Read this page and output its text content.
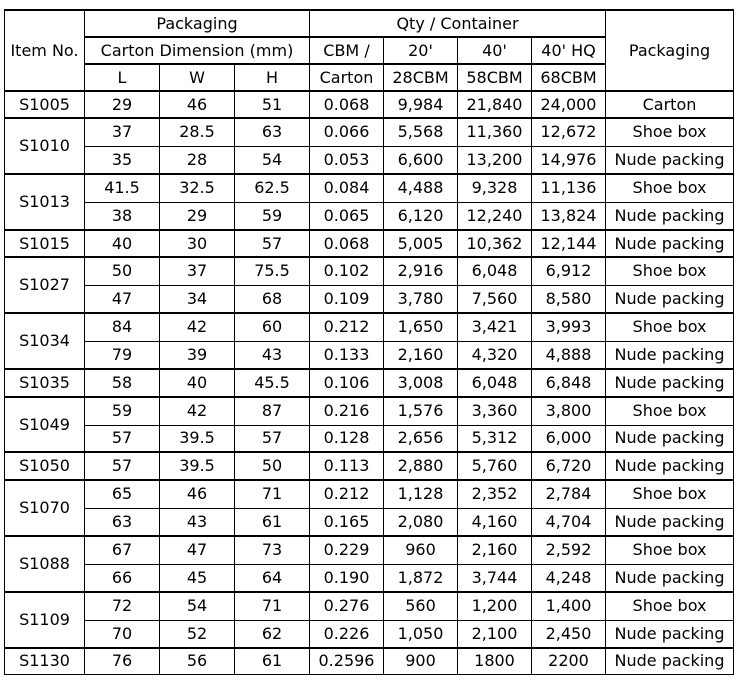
Item No.	Packaging			Qty / Container				Packaging
	Carton Dimension (mm)			CBM /	20'	40'	40' HQ	
	L	W	H	Carton	28CBM	58CBM	68CBM	
S1005	29	46	51	0.068	9,984	21,840	24,000	Carton
S1010	37	28.5	63	0.066	5,568	11,360	12,672	Shoe box
	35	28	54	0.053	6,600	13,200	14,976	Nude packing
S1013	41.5	32.5	62.5	0.084	4,488	9,328	11,136	Shoe box
	38	29	59	0.065	6,120	12,240	13,824	Nude packing
S1015	40	30	57	0.068	5,005	10,362	12,144	Nude packing
S1027	50	37	75.5	0.102	2,916	6,048	6,912	Shoe box
	47	34	68	0.109	3,780	7,560	8,580	Nude packing
S1034	84	42	60	0.212	1,650	3,421	3,993	Shoe box
	79	39	43	0.133	2,160	4,320	4,888	Nude packing
S1035	58	40	45.5	0.106	3,008	6,048	6,848	Nude packing
S1049	59	42	87	0.216	1,576	3,360	3,800	Shoe box
	57	39.5	57	0.128	2,656	5,312	6,000	Nude packing
S1050	57	39.5	50	0.113	2,880	5,760	6,720	Nude packing
S1070	65	46	71	0.212	1,128	2,352	2,784	Shoe box
	63	43	61	0.165	2,080	4,160	4,704	Nude packing
S1088	67	47	73	0.229	960	2,160	2,592	Shoe box
	66	45	64	0.190	1,872	3,744	4,248	Nude packing
S1109	72	54	71	0.276	560	1,200	1,400	Shoe box
	70	52	62	0.226	1,050	2,100	2,450	Nude packing
S1130	76	56	61	0.2596	900	1800	2200	Nude packing
